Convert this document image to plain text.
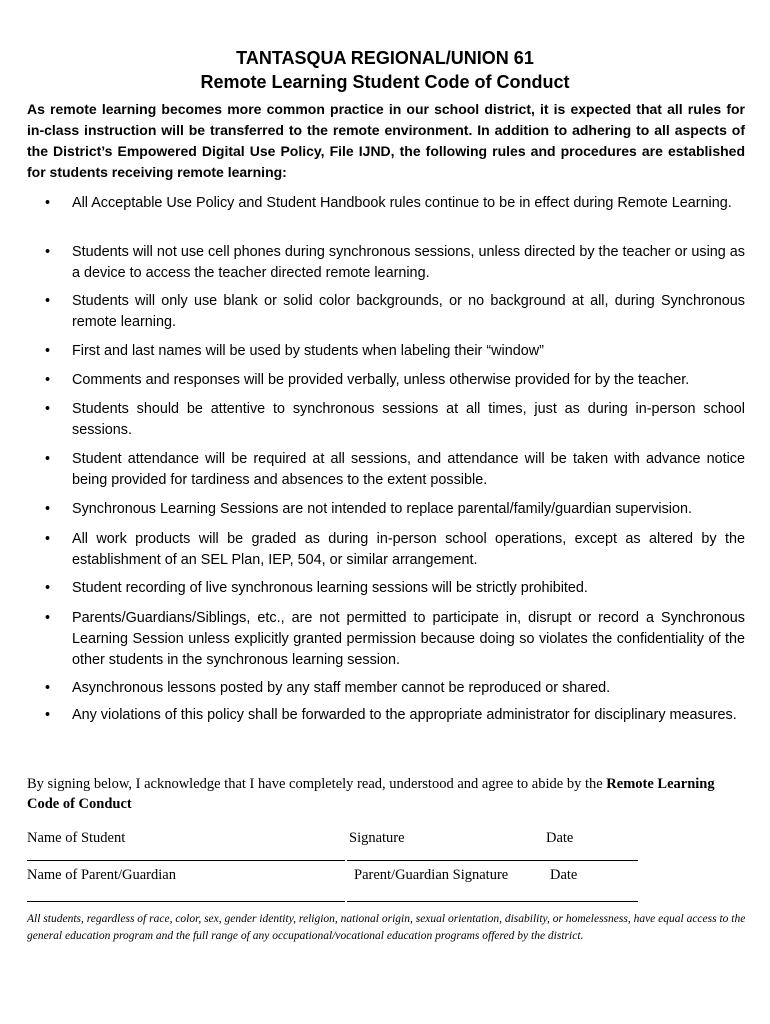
TANTASQUA REGIONAL/UNION 61
Remote Learning Student Code of Conduct
As remote learning becomes more common practice in our school district, it is expected that all rules for in-class instruction will be transferred to the remote environment. In addition to adhering to all aspects of the District’s Empowered Digital Use Policy, File IJND, the following rules and procedures are established for students receiving remote learning:
• All Acceptable Use Policy and Student Handbook rules continue to be in effect during Remote Learning.
• Students will not use cell phones during synchronous sessions, unless directed by the teacher or using as a device to access the teacher directed remote learning.
• Students will only use blank or solid color backgrounds, or no background at all, during Synchronous remote learning.
• First and last names will be used by students when labeling their “window”
• Comments and responses will be provided verbally, unless otherwise provided for by the teacher.
• Students should be attentive to synchronous sessions at all times, just as during in-person school sessions.
• Student attendance will be required at all sessions, and attendance will be taken with advance notice being provided for tardiness and absences to the extent possible.
• Synchronous Learning Sessions are not intended to replace parental/family/guardian supervision.
• All work products will be graded as during in-person school operations, except as altered by the establishment of an SEL Plan, IEP, 504, or similar arrangement.
• Student recording of live synchronous learning sessions will be strictly prohibited.
• Parents/Guardians/Siblings, etc., are not permitted to participate in, disrupt or record a Synchronous Learning Session unless explicitly granted permission because doing so violates the confidentiality of the other students in the synchronous learning session.
• Asynchronous lessons posted by any staff member cannot be reproduced or shared.
• Any violations of this policy shall be forwarded to the appropriate administrator for disciplinary measures.
By signing below, I acknowledge that I have completely read, understood and agree to abide by the Remote Learning Code of Conduct
Name of Student	Signature	Date
Name of Parent/Guardian	Parent/Guardian Signature	Date
All students, regardless of race, color, sex, gender identity, religion, national origin, sexual orientation, disability, or homelessness, have equal access to the general education program and the full range of any occupational/vocational education programs offered by the district.
